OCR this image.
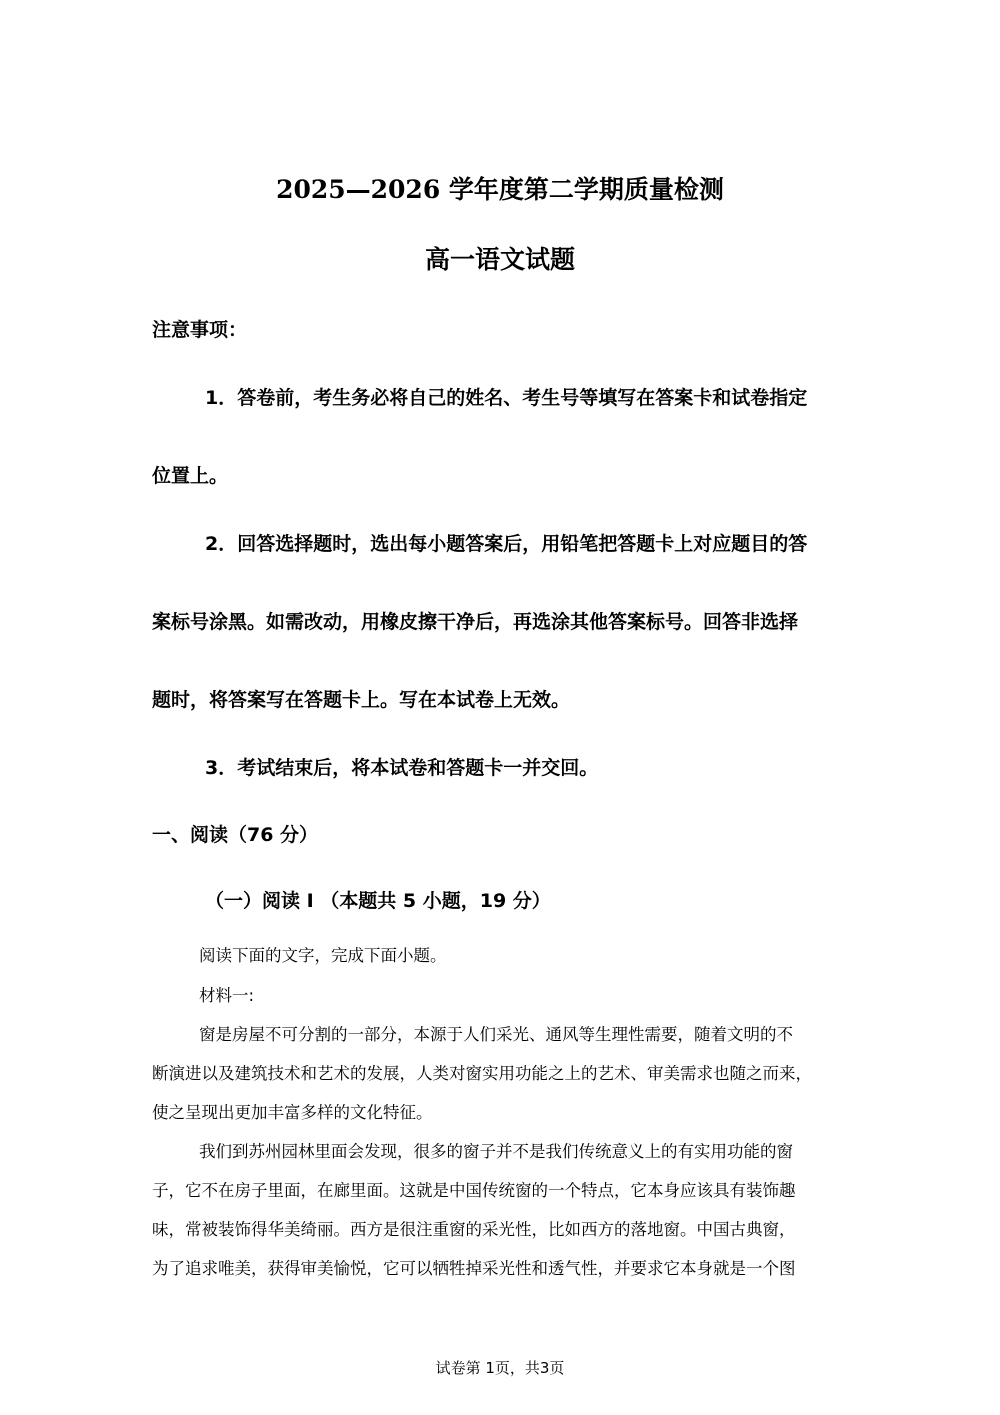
2025—2026 学年度第二学期质量检测
高一语文试题
注意事项：
1．答卷前，考生务必将自己的姓名、考生号等填写在答案卡和试卷指定
位置上。
2．回答选择题时，选出每小题答案后，用铅笔把答题卡上对应题目的答
案标号涂黑。如需改动，用橡皮擦干净后，再选涂其他答案标号。回答非选择
题时，将答案写在答题卡上。写在本试卷上无效。
3．考试结束后，将本试卷和答题卡一并交回。
一、阅读（76 分）
（一）阅读 I （本题共 5 小题，19 分）
阅读下面的文字，完成下面小题。
材料一:
窗是房屋不可分割的一部分，本源于人们采光、通风等生理性需要，随着文明的不
断演进以及建筑技术和艺术的发展，人类对窗实用功能之上的艺术、审美需求也随之而来，
使之呈现出更加丰富多样的文化特征。
我们到苏州园林里面会发现，很多的窗子并不是我们传统意义上的有实用功能的窗
子，它不在房子里面，在廊里面。这就是中国传统窗的一个特点，它本身应该具有装饰趣
味，常被装饰得华美绮丽。西方是很注重窗的采光性，比如西方的落地窗。中国古典窗，
为了追求唯美，获得审美愉悦，它可以牺牲掉采光性和透气性，并要求它本身就是一个图
试卷第 1页，共3页
